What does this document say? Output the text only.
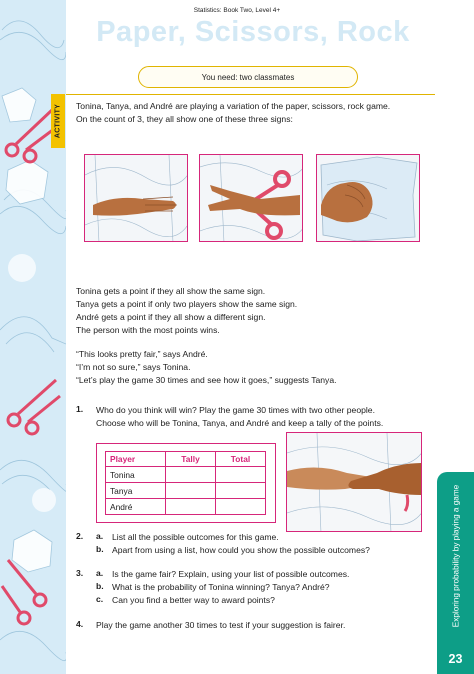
Statistics: Book Two, Level 4+
Paper, Scissors, Rock
You need: two classmates
ACTIVITY Tonina, Tanya, and André are playing a variation of the paper, scissors, rock game.
On the count of 3, they all show one of these three signs:
Tonina gets a point if they all show the same sign.
Tanya gets a point if only two players show the same sign.
André gets a point if they all show a different sign.
The person with the most points wins.
“This looks pretty fair,” says André.
“I’m not so sure,” says Tonina.
“Let’s play the game 30 times and see how it goes,” suggests Tanya.
1. Who do you think will win? Play the game 30 times with two other people.
Choose who will be Tonina, Tanya, and André and keep a tally of the points.
Player	Tally	Total
Tonina		
Tanya		
André		
2. a. List all the possible outcomes for this game.
b. Apart from using a list, how could you show the possible outcomes?
3. a. Is the game fair? Explain, using your list of possible outcomes.
b. What is the probability of Tonina winning? Tanya? André?
c. Can you find a better way to award points?
4. Play the game another 30 times to test if your suggestion is fairer.	Exploring probability by playing a game
23
